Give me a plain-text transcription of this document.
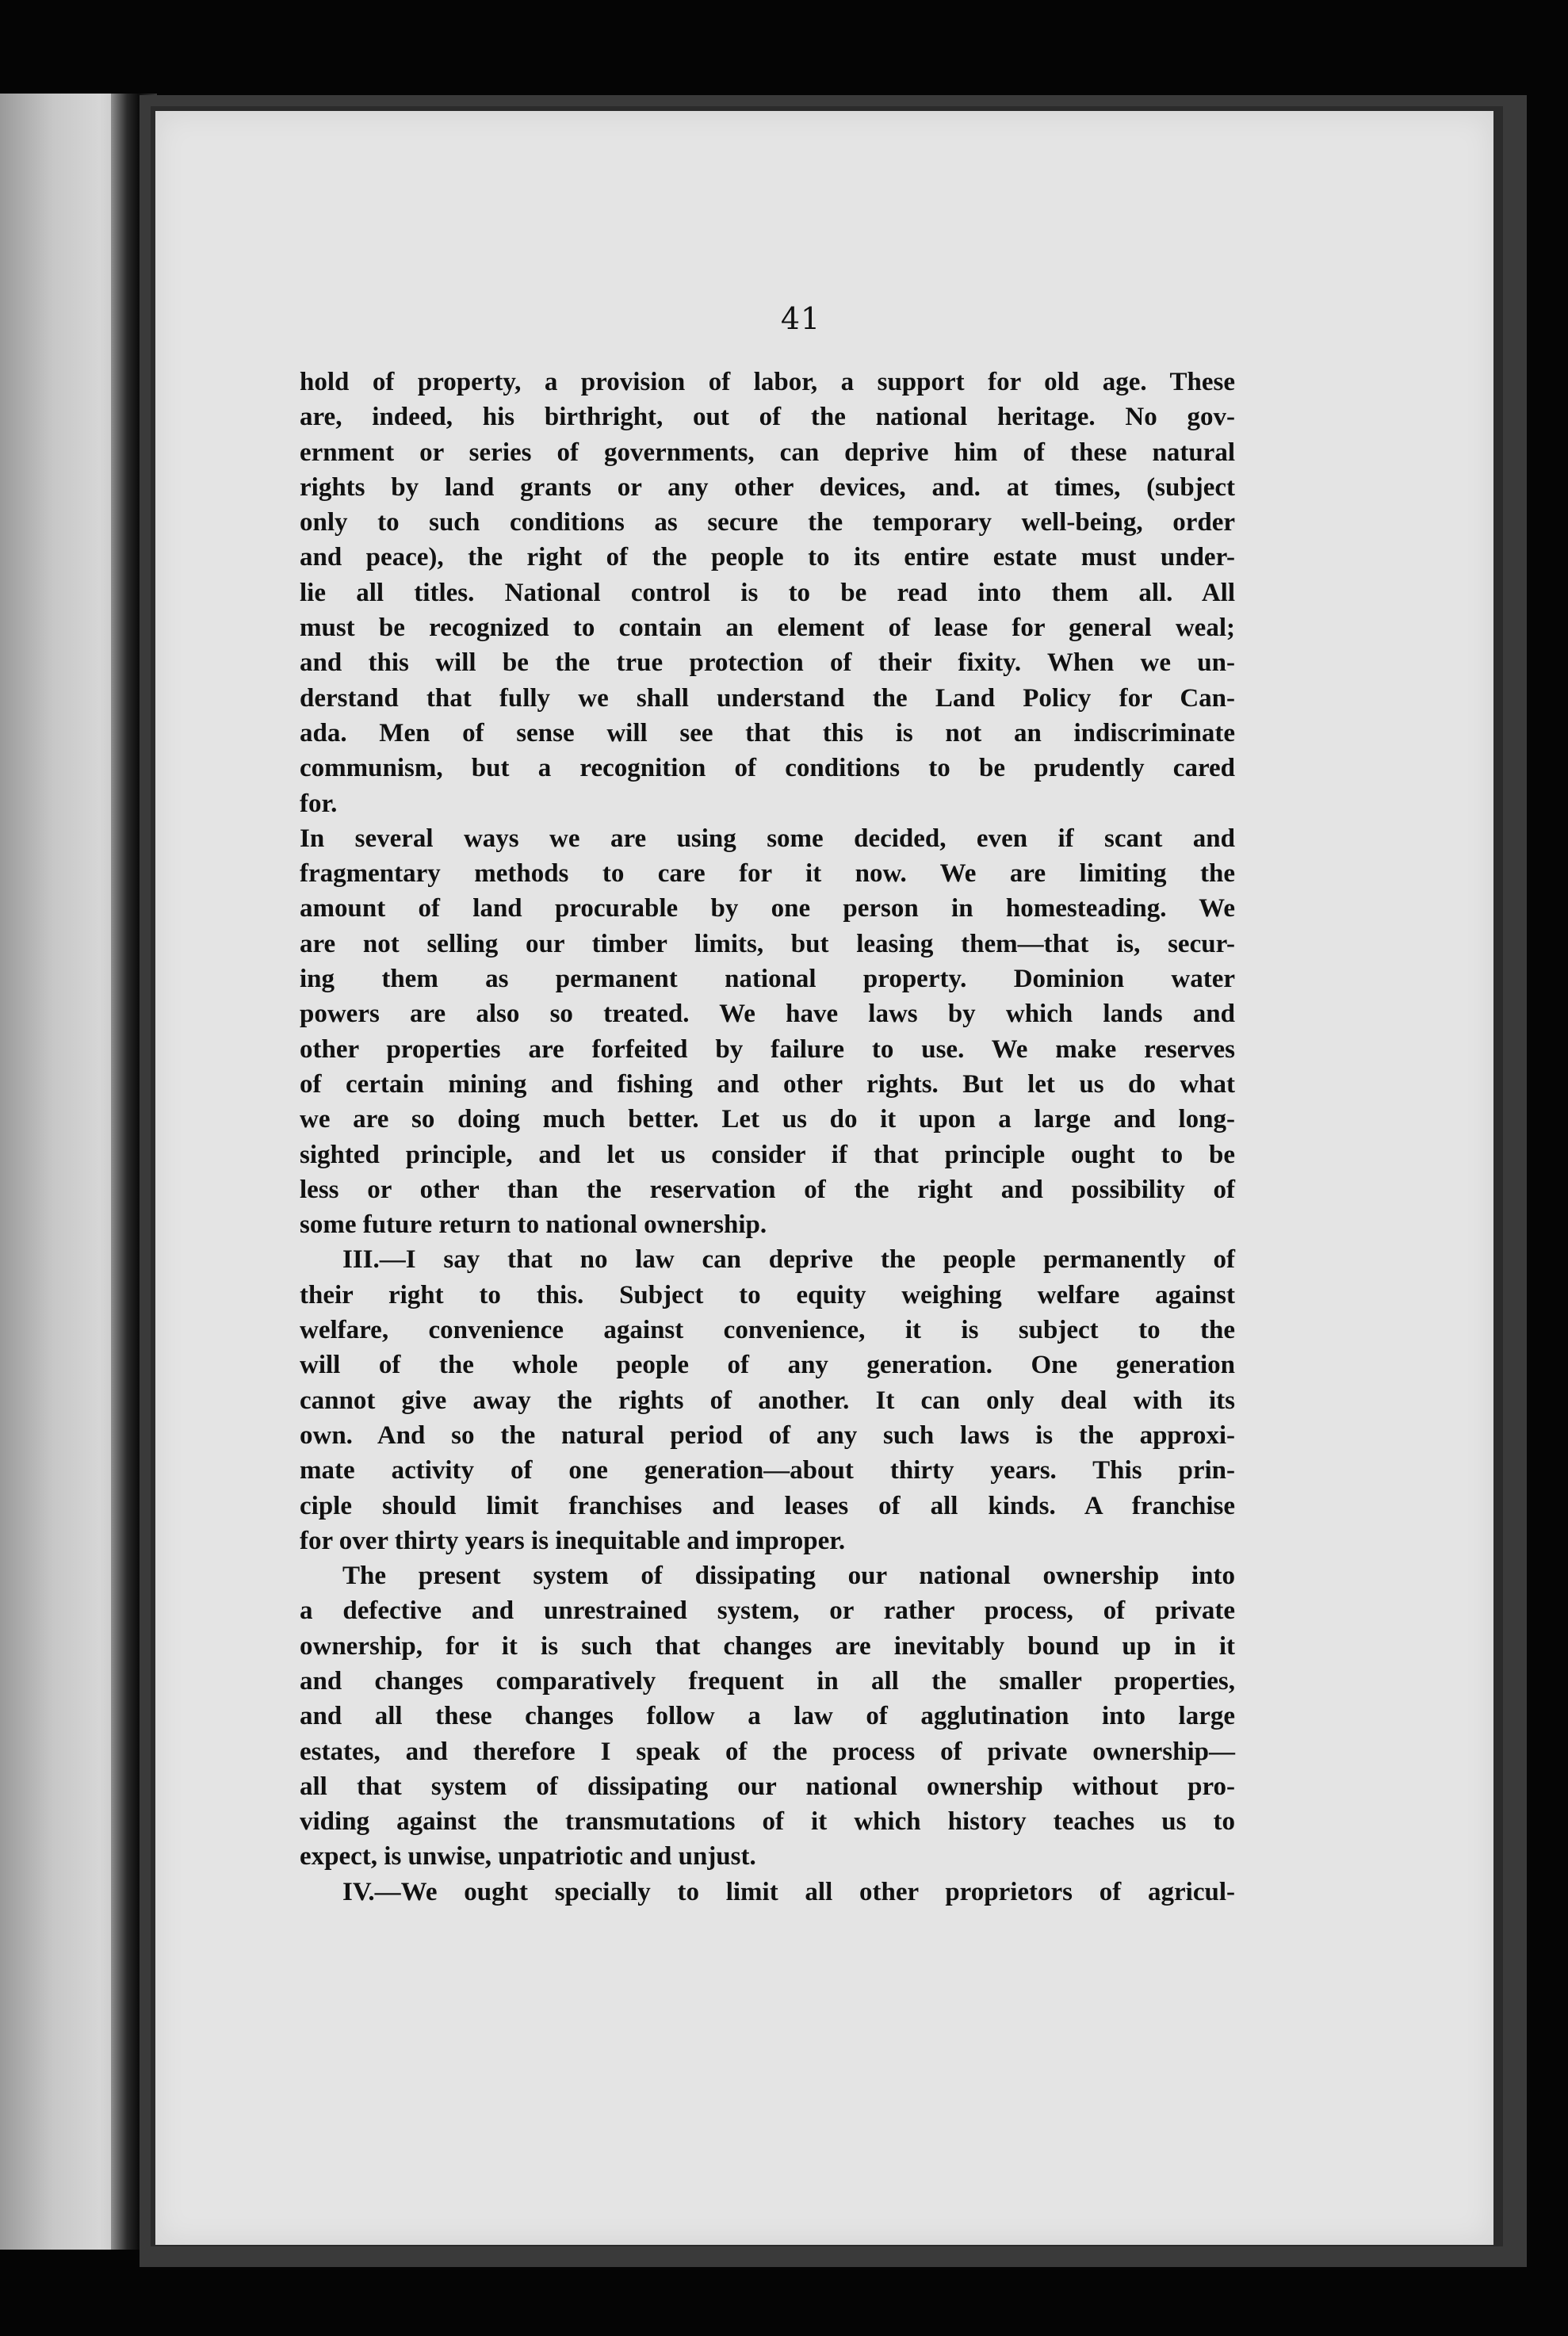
41

hold of property, a provision of labor, a support for old age. These
are, indeed, his birthright, out of the national heritage. No gov-
ernment or series of governments, can deprive him of these natural
rights by land grants or any other devices, and. at times, (subject
only to such conditions as secure the temporary well-being, order
and peace), the right of the people to its entire estate must under-
lie all titles. National control is to be read into them all. All
must be recognized to contain an element of lease for general weal;
and this will be the true protection of their fixity. When we un-
derstand that fully we shall understand the Land Policy for Can-
ada. Men of sense will see that this is not an indiscriminate
communism, but a recognition of conditions to be prudently cared
for.
In several ways we are using some decided, even if scant and
fragmentary methods to care for it now. We are limiting the
amount of land procurable by one person in homesteading. We
are not selling our timber limits, but leasing them—that is, secur-
ing them as permanent national property. Dominion water
powers are also so treated. We have laws by which lands and
other properties are forfeited by failure to use. We make reserves
of certain mining and fishing and other rights. But let us do what
we are so doing much better. Let us do it upon a large and long-
sighted principle, and let us consider if that principle ought to be
less or other than the reservation of the right and possibility of
some future return to national ownership.
III.—I say that no law can deprive the people permanently of
their right to this. Subject to equity weighing welfare against
welfare, convenience against convenience, it is subject to the
will of the whole people of any generation. One generation
cannot give away the rights of another. It can only deal with its
own. And so the natural period of any such laws is the approxi-
mate activity of one generation—about thirty years. This prin-
ciple should limit franchises and leases of all kinds. A franchise
for over thirty years is inequitable and improper.
The present system of dissipating our national ownership into
a defective and unrestrained system, or rather process, of private
ownership, for it is such that changes are inevitably bound up in it
and changes comparatively frequent in all the smaller properties,
and all these changes follow a law of agglutination into large
estates, and therefore I speak of the process of private ownership—
all that system of dissipating our national ownership without pro-
viding against the transmutations of it which history teaches us to
expect, is unwise, unpatriotic and unjust.
IV.—We ought specially to limit all other proprietors of agricul-
